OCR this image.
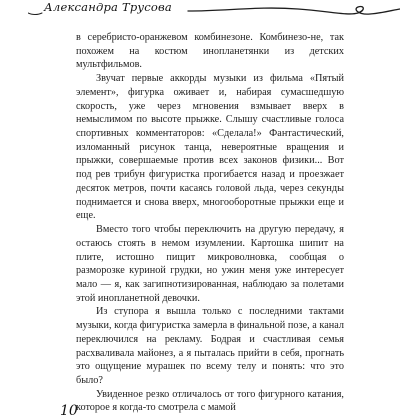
Александра Трусова

в серебристо-оранжевом комбинезоне. Комбинезо-не, так похожем на костюм инопланетянки из детских мультфильмов.

Звучат первые аккорды музыки из фильма «Пятый элемент», фигурка оживает и, набирая сумасшедшую скорость, уже через мгновения взмывает вверх в немыслимом по высоте прыжке. Слышу счастливые голоса спортивных комментаторов: «Сделала!» Фантастический, изломанный рисунок танца, невероятные вращения и прыжки, совершаемые против всех законов физики... Вот под рев трибун фигуристка прогибается назад и проезжает десяток метров, почти касаясь головой льда, через секунды поднимается и снова вверх, многооборотные прыжки еще и еще.

Вместо того чтобы переключить на другую передачу, я остаюсь стоять в немом изумлении. Картошка шипит на плите, истошно пищит микроволновка, сообщая о разморозке куриной грудки, но ужин меня уже интересует мало — я, как загипнотизированная, наблюдаю за полетами этой инопланетной девочки.

Из ступора я вышла только с последними тактами музыки, когда фигуристка замерла в финальной позе, а канал переключился на рекламу. Бодрая и счастливая семья расхваливала майонез, а я пыталась прийти в себя, прогнать это ощущение мурашек по всему телу и понять: что это было?

Увиденное резко отличалось от того фигурного катания, которое я когда-то смотрела с мамой

10
